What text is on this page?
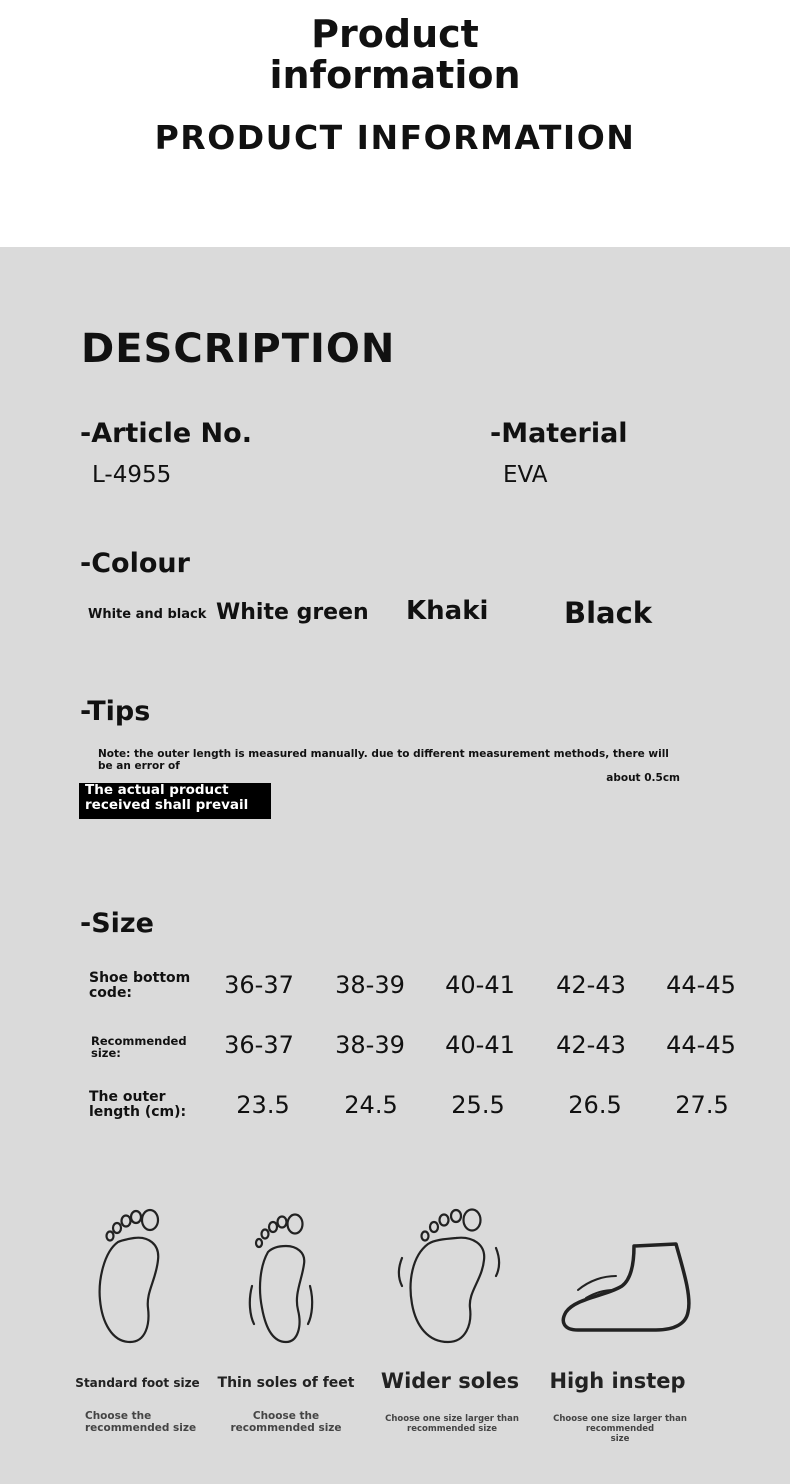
Product
information
PRODUCT INFORMATION
DESCRIPTION
-Article No.
L-4955
-Material
EVA
-Colour
White and black White green Khaki	Black
-Tips
Note: the outer length is measured manually. due to different measurement methods, there will be an error of
about 0.5cm
The actual product
received shall prevail
-Size
Shoe bottom
code:	36-37	38-39	40-41	42-43	44-45
Recommended
size:	36-37	38-39	40-41	42-43	44-45
The outer
length (cm):	23.5	24.5	25.5	26.5	27.5
Standard foot size Thin soles of feet Wider soles	High instep
Choose the
recommended size
Choose the
recommended size
Choose one size larger than
recommended size
Choose one size larger than recommended
size
